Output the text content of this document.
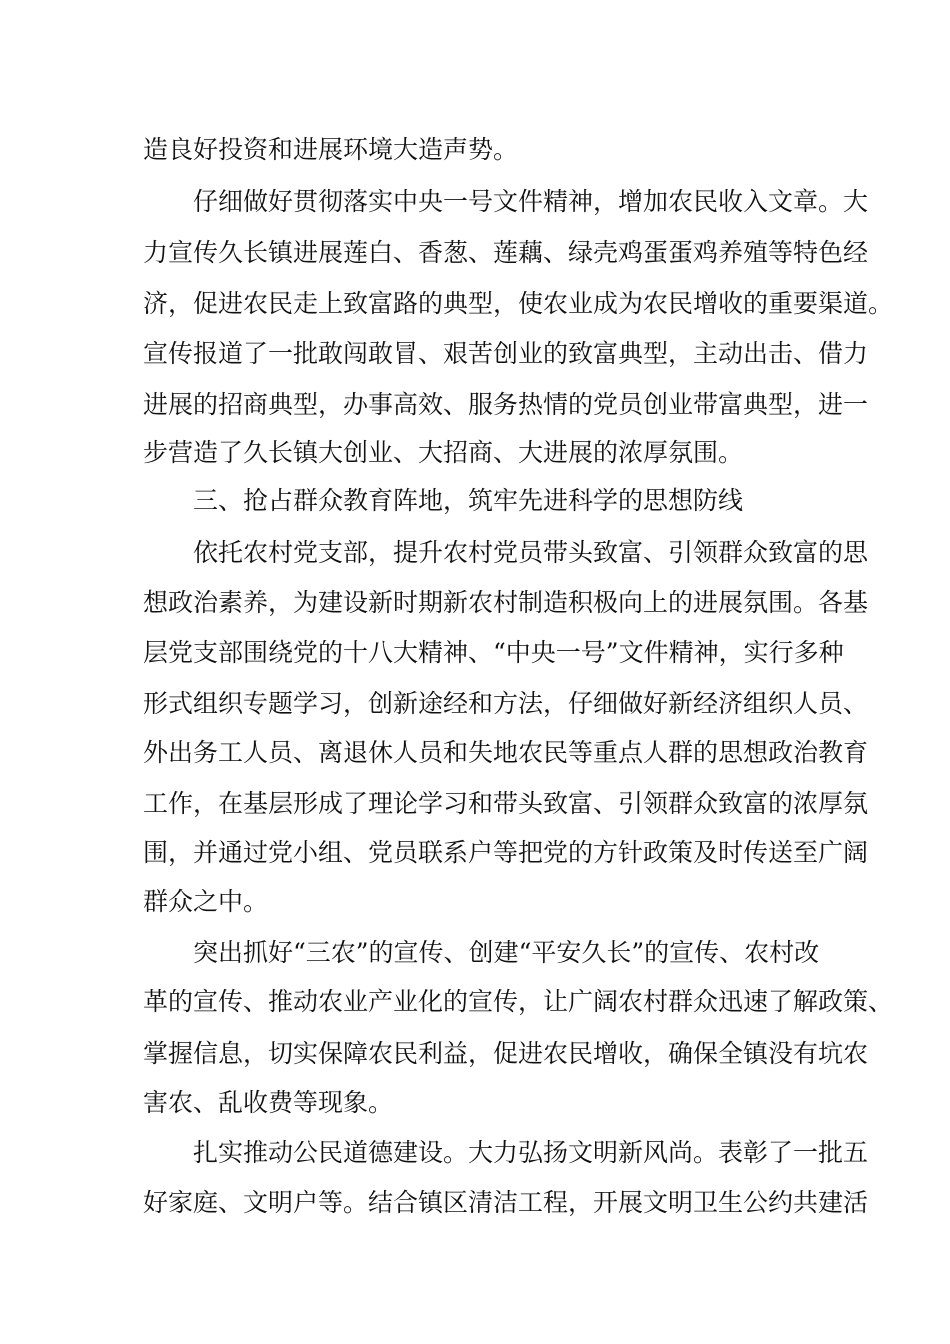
造良好投资和进展环境大造声势。

仔细做好贯彻落实中央一号文件精神，增加农民收入文章。大

力宣传久长镇进展莲白、香葱、莲藕、绿壳鸡蛋蛋鸡养殖等特色经

济，促进农民走上致富路的典型，使农业成为农民增收的重要渠道。

宣传报道了一批敢闯敢冒、艰苦创业的致富典型，主动出击、借力

进展的招商典型，办事高效、服务热情的党员创业带富典型，进一

步营造了久长镇大创业、大招商、大进展的浓厚氛围。

三、抢占群众教育阵地，筑牢先进科学的思想防线

依托农村党支部，提升农村党员带头致富、引领群众致富的思

想政治素养，为建设新时期新农村制造积极向上的进展氛围。各基

层党支部围绕党的十八大精神、“中央一号”文件精神，实行多种

形式组织专题学习，创新途经和方法，仔细做好新经济组织人员、

外出务工人员、离退休人员和失地农民等重点人群的思想政治教育

工作，在基层形成了理论学习和带头致富、引领群众致富的浓厚氛

围，并通过党小组、党员联系户等把党的方针政策及时传送至广阔

群众之中。

突出抓好“三农”的宣传、创建“平安久长”的宣传、农村改

革的宣传、推动农业产业化的宣传，让广阔农村群众迅速了解政策、

掌握信息，切实保障农民利益，促进农民增收，确保全镇没有坑农

害农、乱收费等现象。

扎实推动公民道德建设。大力弘扬文明新风尚。表彰了一批五

好家庭、文明户等。结合镇区清洁工程，开展文明卫生公约共建活
